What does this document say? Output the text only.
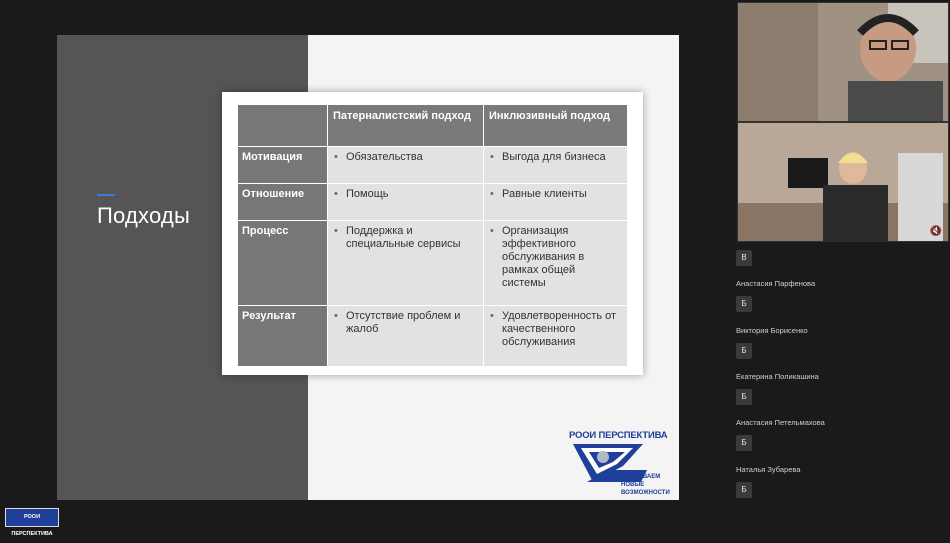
Подходы
	Патерналистский подход	Инклюзивный подход
Мотивация	• Обязательства	• Выгода для бизнеса
Отношение	• Помощь	• Равные клиенты
Процесс	• Поддержка и специальные сервисы	• Организация эффективного обслуживания в рамках общей системы
Результат	• Отсутствие проблем и жалоб	• Удовлетворенность от качественного обслуживания
РООИ ПЕРСПЕКТИВА
ОТКРЫВАЕМ
НОВЫЕ ВОЗМОЖНОСТИ
🔇
В
Анастасия Парфенова
Б
Виктория Борисенко
Б
Екатерина Поликашина
Б
Анастасия Петельмахова
Б
Наталья Зубарева
Б
РООИ ПЕРСПЕКТИВА
